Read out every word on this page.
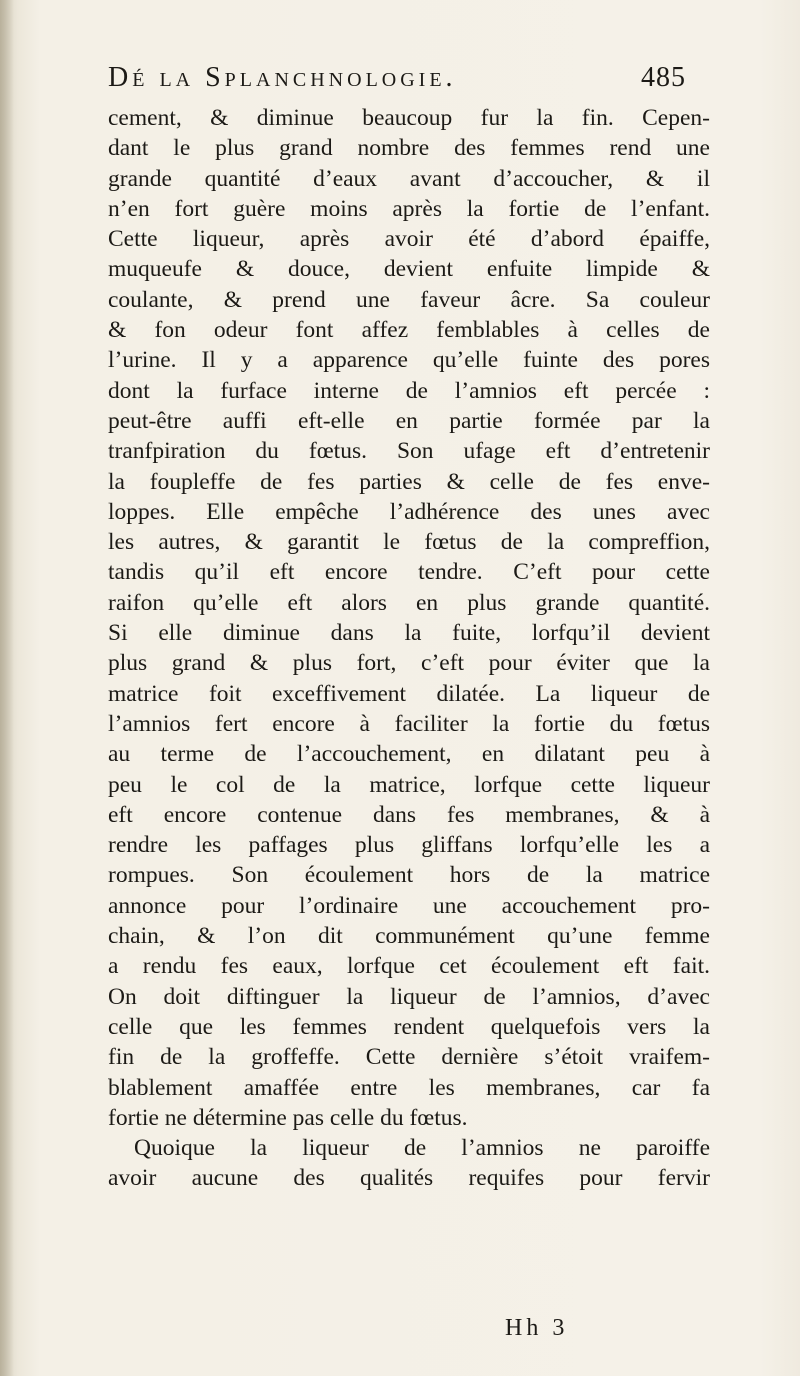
Dé la Splanchnologie.	485
cement, & diminue beaucoup fur la fin. Cepen-
dant le plus grand nombre des femmes rend une
grande quantité d’eaux avant d’accoucher, & il
n’en fort guère moins après la fortie de l’enfant.
Cette liqueur, après avoir été d’abord épaiffe,
muqueufe & douce, devient enfuite limpide &
coulante, & prend une faveur âcre. Sa couleur
& fon odeur font affez femblables à celles de
l’urine. Il y a apparence qu’elle fuinte des pores
dont la furface interne de l’amnios eft percée :
peut-être auffi eft-elle en partie formée par la
tranfpiration du fœtus. Son ufage eft d’entretenir
la foupleffe de fes parties & celle de fes enve-
loppes. Elle empêche l’adhérence des unes avec
les autres, & garantit le fœtus de la compreffion,
tandis qu’il eft encore tendre. C’eft pour cette
raifon qu’elle eft alors en plus grande quantité.
Si elle diminue dans la fuite, lorfqu’il devient
plus grand & plus fort, c’eft pour éviter que la
matrice foit exceffivement dilatée. La liqueur de
l’amnios fert encore à faciliter la fortie du fœtus
au terme de l’accouchement, en dilatant peu à
peu le col de la matrice, lorfque cette liqueur
eft encore contenue dans fes membranes, & à
rendre les paffages plus gliffans lorfqu’elle les a
rompues. Son écoulement hors de la matrice
annonce pour l’ordinaire une accouchement pro-
chain, & l’on dit communément qu’une femme
a rendu fes eaux, lorfque cet écoulement eft fait.
On doit diftinguer la liqueur de l’amnios, d’avec
celle que les femmes rendent quelquefois vers la
fin de la groffeffe. Cette dernière s’étoit vraifem-
blablement amaffée entre les membranes, car fa
fortie ne détermine pas celle du fœtus.
Quoique la liqueur de l’amnios ne paroiffe
avoir aucune des qualités requifes pour fervir
Hh 3
